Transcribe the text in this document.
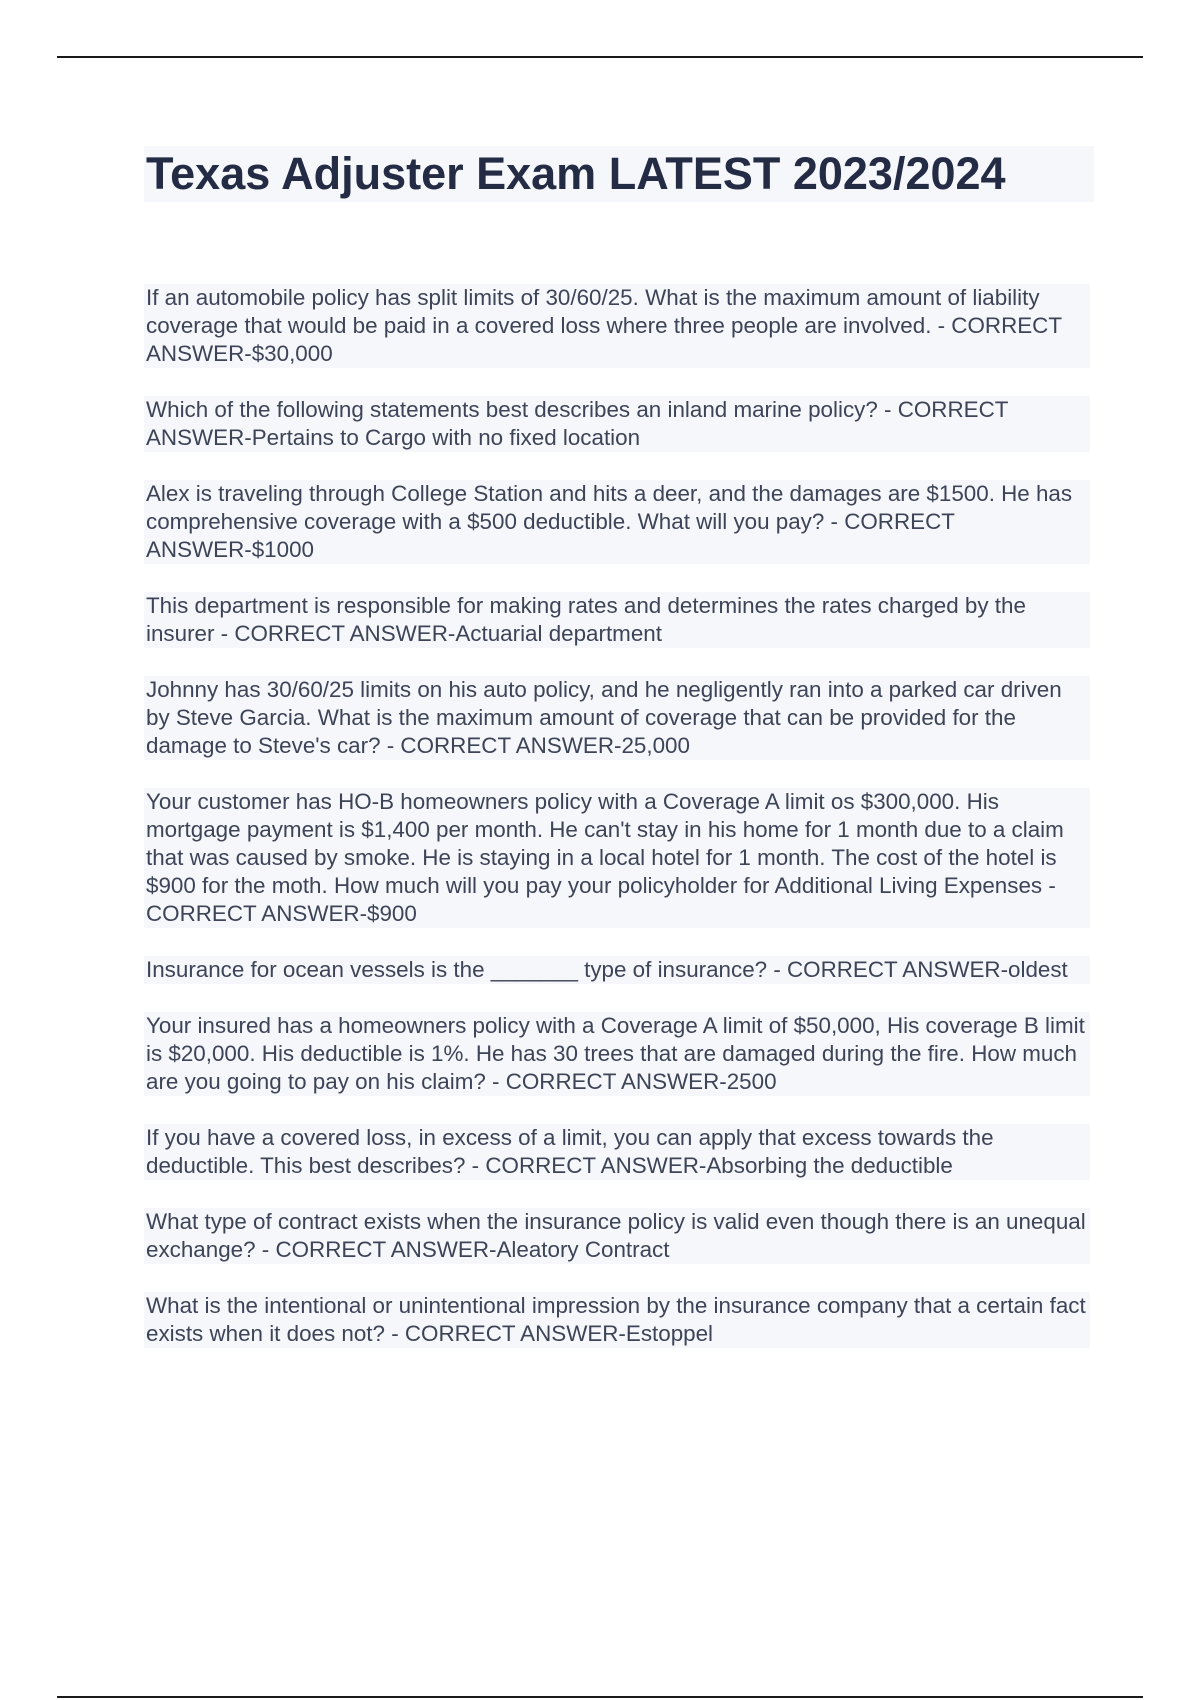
Texas Adjuster Exam LATEST 2023/2024

If an automobile policy has split limits of 30/60/25. What is the maximum amount of liability coverage that would be paid in a covered loss where three people are involved. - CORRECT ANSWER-$30,000

Which of the following statements best describes an inland marine policy? - CORRECT ANSWER-Pertains to Cargo with no fixed location

Alex is traveling through College Station and hits a deer, and the damages are $1500. He has comprehensive coverage with a $500 deductible. What will you pay? - CORRECT ANSWER-$1000

This department is responsible for making rates and determines the rates charged by the insurer - CORRECT ANSWER-Actuarial department

Johnny has 30/60/25 limits on his auto policy, and he negligently ran into a parked car driven by Steve Garcia. What is the maximum amount of coverage that can be provided for the damage to Steve's car? - CORRECT ANSWER-25,000

Your customer has HO-B homeowners policy with a Coverage A limit os $300,000. His mortgage payment is $1,400 per month. He can't stay in his home for 1 month due to a claim that was caused by smoke. He is staying in a local hotel for 1 month. The cost of the hotel is $900 for the moth. How much will you pay your policyholder for Additional Living Expenses - CORRECT ANSWER-$900

Insurance for ocean vessels is the _______ type of insurance? - CORRECT ANSWER-oldest

Your insured has a homeowners policy with a Coverage A limit of $50,000, His coverage B limit is $20,000. His deductible is 1%. He has 30 trees that are damaged during the fire. How much are you going to pay on his claim? - CORRECT ANSWER-2500

If you have a covered loss, in excess of a limit, you can apply that excess towards the deductible. This best describes? - CORRECT ANSWER-Absorbing the deductible

What type of contract exists when the insurance policy is valid even though there is an unequal exchange? - CORRECT ANSWER-Aleatory Contract

What is the intentional or unintentional impression by the insurance company that a certain fact exists when it does not? - CORRECT ANSWER-Estoppel
